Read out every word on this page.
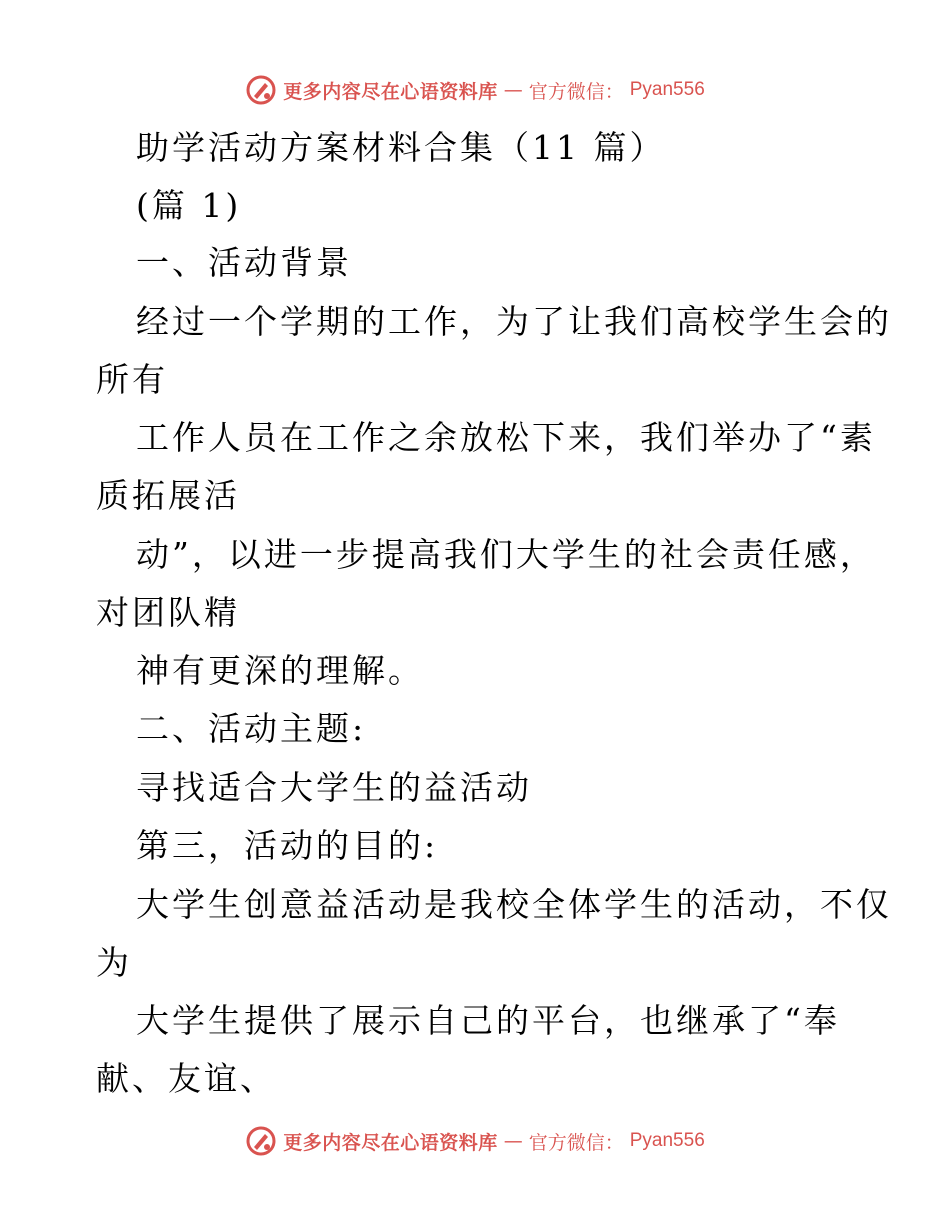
更多内容尽在心语资料库 — 官方微信： Pyan556
助学活动方案材料合集（11 篇）
(篇 1)
一、活动背景
经过一个学期的工作，为了让我们高校学生会的
所有
工作人员在工作之余放松下来，我们举办了“素
质拓展活
动”，以进一步提高我们大学生的社会责任感，
对团队精
神有更深的理解。
二、活动主题:
寻找适合大学生的益活动
第三，活动的目的:
大学生创意益活动是我校全体学生的活动，不仅
为
大学生提供了展示自己的平台，也继承了“奉
献、友谊、
更多内容尽在心语资料库 — 官方微信： Pyan556
